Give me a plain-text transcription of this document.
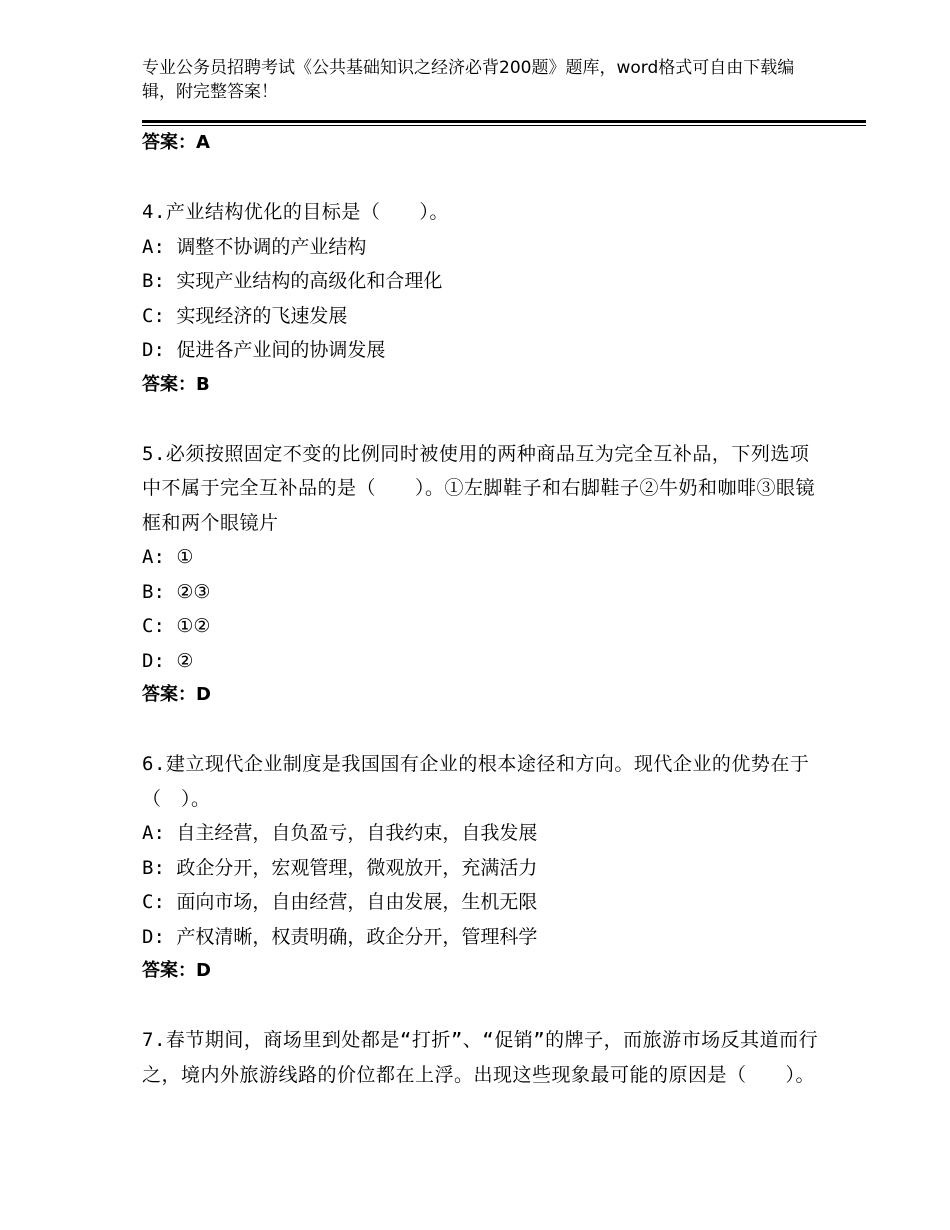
专业公务员招聘考试《公共基础知识之经济必背200题》题库，word格式可自由下载编辑，附完整答案！
答案：A
4.产业结构优化的目标是（　　）。
A: 调整不协调的产业结构
B: 实现产业结构的高级化和合理化
C: 实现经济的飞速发展
D: 促进各产业间的协调发展
答案：B
5.必须按照固定不变的比例同时被使用的两种商品互为完全互补品，下列选项中不属于完全互补品的是（　　）。①左脚鞋子和右脚鞋子②牛奶和咖啡③眼镜框和两个眼镜片
A: ①
B: ②③
C: ①②
D: ②
答案：D
6.建立现代企业制度是我国国有企业的根本途径和方向。现代企业的优势在于（　）。
A: 自主经营，自负盈亏，自我约束，自我发展
B: 政企分开，宏观管理，微观放开，充满活力
C: 面向市场，自由经营，自由发展，生机无限
D: 产权清晰，权责明确，政企分开，管理科学
答案：D
7.春节期间，商场里到处都是“打折”、“促销”的牌子，而旅游市场反其道而行之，境内外旅游线路的价位都在上浮。出现这些现象最可能的原因是（　　）。
